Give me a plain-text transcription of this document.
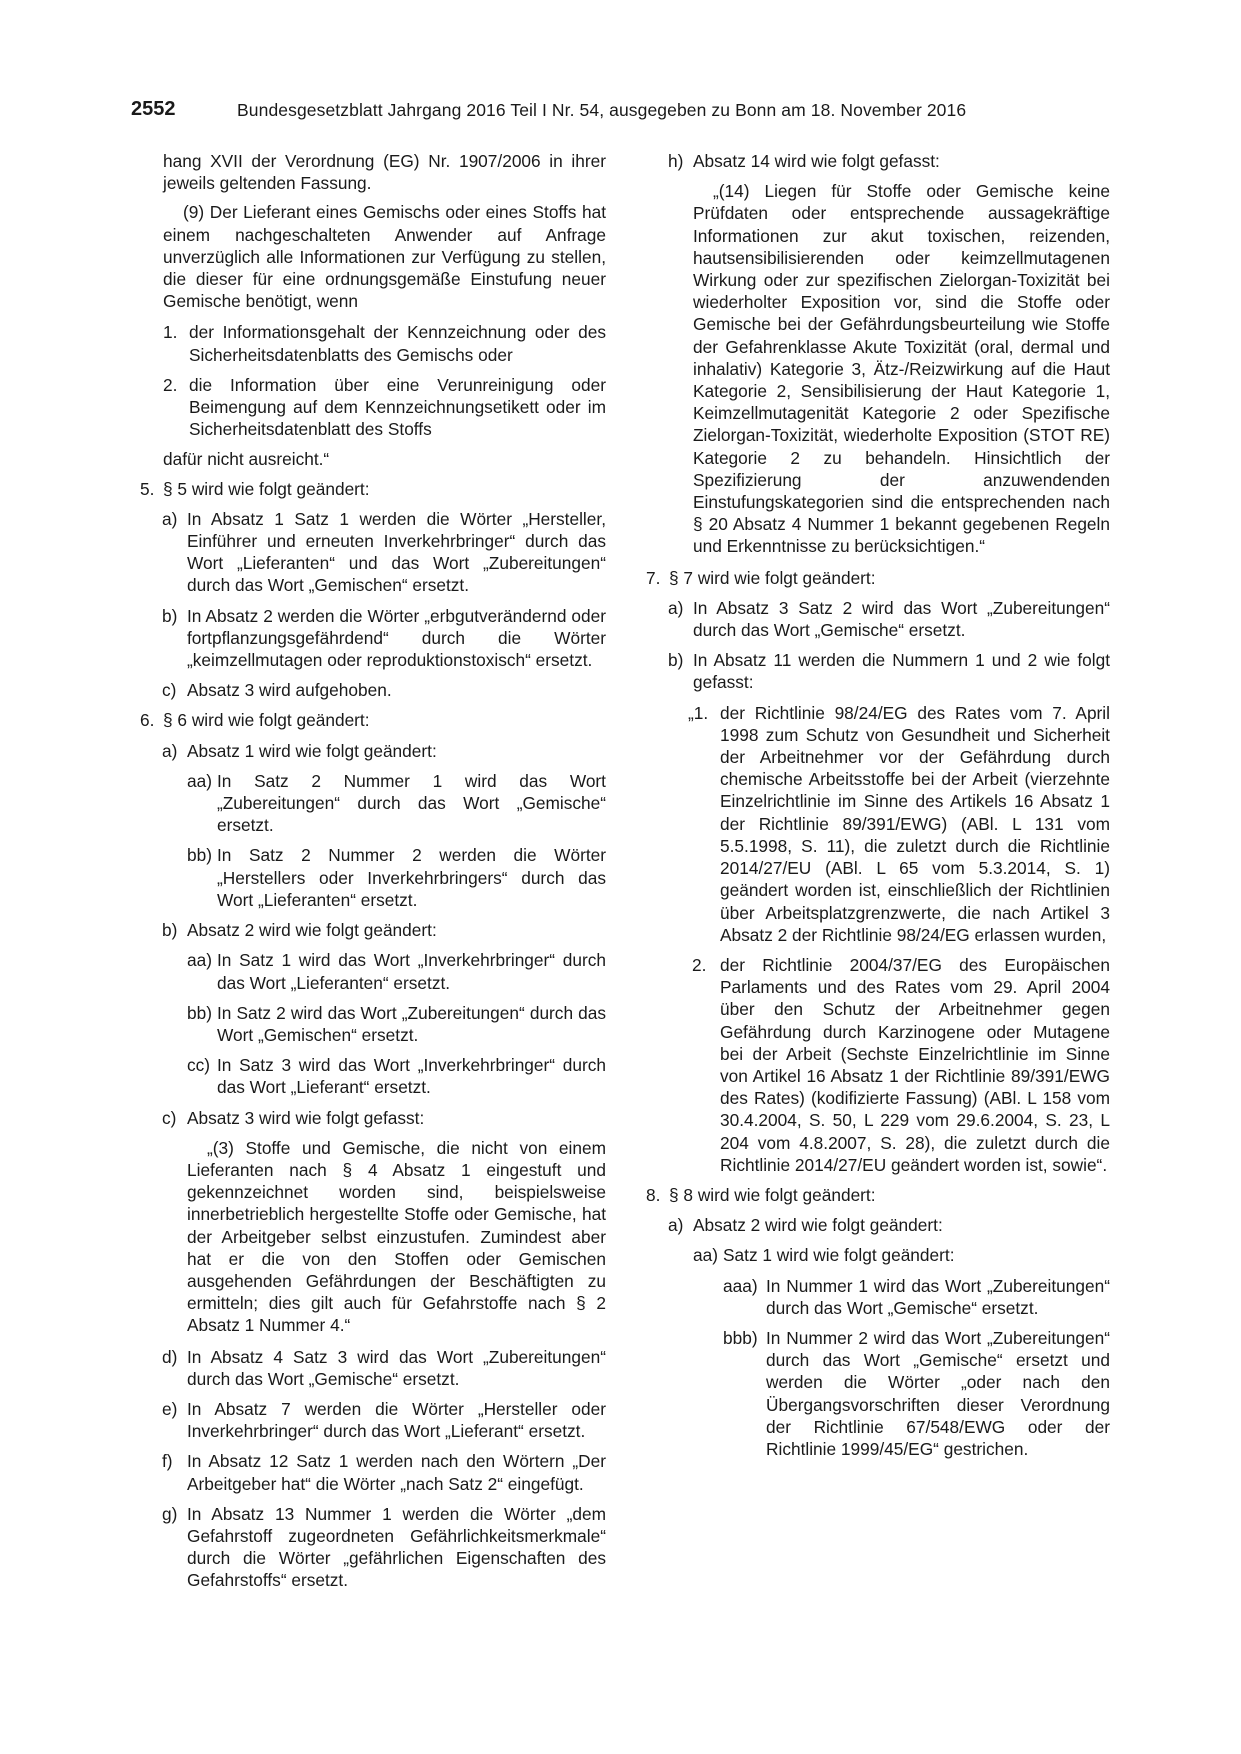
2552	Bundesgesetzblatt Jahrgang 2016 Teil I Nr. 54, ausgegeben zu Bonn am 18. November 2016

hang XVII der Verordnung (EG) Nr. 1907/2006 in ihrer jeweils geltenden Fassung.

(9) Der Lieferant eines Gemischs oder eines Stoffs hat einem nachgeschalteten Anwender auf Anfrage unverzüglich alle Informationen zur Verfügung zu stellen, die dieser für eine ordnungsgemäße Einstufung neuer Gemische benötigt, wenn

1. der Informationsgehalt der Kennzeichnung oder des Sicherheitsdatenblatts des Gemischs oder

2. die Information über eine Verunreinigung oder Beimengung auf dem Kennzeichnungsetikett oder im Sicherheitsdatenblatt des Stoffs

dafür nicht ausreicht.“

5. § 5 wird wie folgt geändert:

a) In Absatz 1 Satz 1 werden die Wörter „Hersteller, Einführer und erneuten Inverkehrbringer“ durch das Wort „Lieferanten“ und das Wort „Zubereitungen“ durch das Wort „Gemischen“ ersetzt.

b) In Absatz 2 werden die Wörter „erbgutverändernd oder fortpflanzungsgefährdend“ durch die Wörter „keimzellmutagen oder reproduktionstoxisch“ ersetzt.

c) Absatz 3 wird aufgehoben.

6. § 6 wird wie folgt geändert:

a) Absatz 1 wird wie folgt geändert:

aa) In Satz 2 Nummer 1 wird das Wort „Zubereitungen“ durch das Wort „Gemische“ ersetzt.

bb) In Satz 2 Nummer 2 werden die Wörter „Herstellers oder Inverkehrbringers“ durch das Wort „Lieferanten“ ersetzt.

b) Absatz 2 wird wie folgt geändert:

aa) In Satz 1 wird das Wort „Inverkehrbringer“ durch das Wort „Lieferanten“ ersetzt.

bb) In Satz 2 wird das Wort „Zubereitungen“ durch das Wort „Gemischen“ ersetzt.

cc) In Satz 3 wird das Wort „Inverkehrbringer“ durch das Wort „Lieferant“ ersetzt.

c) Absatz 3 wird wie folgt gefasst:

„(3) Stoffe und Gemische, die nicht von einem Lieferanten nach § 4 Absatz 1 eingestuft und gekennzeichnet worden sind, beispielsweise innerbetrieblich hergestellte Stoffe oder Gemische, hat der Arbeitgeber selbst einzustufen. Zumindest aber hat er die von den Stoffen oder Gemischen ausgehenden Gefährdungen der Beschäftigten zu ermitteln; dies gilt auch für Gefahrstoffe nach § 2 Absatz 1 Nummer 4.“

d) In Absatz 4 Satz 3 wird das Wort „Zubereitungen“ durch das Wort „Gemische“ ersetzt.

e) In Absatz 7 werden die Wörter „Hersteller oder Inverkehrbringer“ durch das Wort „Lieferant“ ersetzt.

f) In Absatz 12 Satz 1 werden nach den Wörtern „Der Arbeitgeber hat“ die Wörter „nach Satz 2“ eingefügt.

g) In Absatz 13 Nummer 1 werden die Wörter „dem Gefahrstoff zugeordneten Gefährlichkeitsmerkmale“ durch die Wörter „gefährlichen Eigenschaften des Gefahrstoffs“ ersetzt.

h) Absatz 14 wird wie folgt gefasst:

„(14) Liegen für Stoffe oder Gemische keine Prüfdaten oder entsprechende aussagekräftige Informationen zur akut toxischen, reizenden, hautsensibilisierenden oder keimzellmutagenen Wirkung oder zur spezifischen Zielorgan-Toxizität bei wiederholter Exposition vor, sind die Stoffe oder Gemische bei der Gefährdungsbeurteilung wie Stoffe der Gefahrenklasse Akute Toxizität (oral, dermal und inhalativ) Kategorie 3, Ätz-/Reizwirkung auf die Haut Kategorie 2, Sensibilisierung der Haut Kategorie 1, Keimzellmutagenität Kategorie 2 oder Spezifische Zielorgan-Toxizität, wiederholte Exposition (STOT RE) Kategorie 2 zu behandeln. Hinsichtlich der Spezifizierung der anzuwendenden Einstufungskategorien sind die entsprechenden nach § 20 Absatz 4 Nummer 1 bekannt gegebenen Regeln und Erkenntnisse zu berücksichtigen.“

7. § 7 wird wie folgt geändert:

a) In Absatz 3 Satz 2 wird das Wort „Zubereitungen“ durch das Wort „Gemische“ ersetzt.

b) In Absatz 11 werden die Nummern 1 und 2 wie folgt gefasst:

„1. der Richtlinie 98/24/EG des Rates vom 7. April 1998 zum Schutz von Gesundheit und Sicherheit der Arbeitnehmer vor der Gefährdung durch chemische Arbeitsstoffe bei der Arbeit (vierzehnte Einzelrichtlinie im Sinne des Artikels 16 Absatz 1 der Richtlinie 89/391/EWG) (ABl. L 131 vom 5.5.1998, S. 11), die zuletzt durch die Richtlinie 2014/27/EU (ABl. L 65 vom 5.3.2014, S. 1) geändert worden ist, einschließlich der Richtlinien über Arbeitsplatzgrenzwerte, die nach Artikel 3 Absatz 2 der Richtlinie 98/24/EG erlassen wurden,

2. der Richtlinie 2004/37/EG des Europäischen Parlaments und des Rates vom 29. April 2004 über den Schutz der Arbeitnehmer gegen Gefährdung durch Karzinogene oder Mutagene bei der Arbeit (Sechste Einzelrichtlinie im Sinne von Artikel 16 Absatz 1 der Richtlinie 89/391/EWG des Rates) (kodifizierte Fassung) (ABl. L 158 vom 30.4.2004, S. 50, L 229 vom 29.6.2004, S. 23, L 204 vom 4.8.2007, S. 28), die zuletzt durch die Richtlinie 2014/27/EU geändert worden ist, sowie“.

8. § 8 wird wie folgt geändert:

a) Absatz 2 wird wie folgt geändert:

aa) Satz 1 wird wie folgt geändert:

aaa) In Nummer 1 wird das Wort „Zubereitungen“ durch das Wort „Gemische“ ersetzt.

bbb) In Nummer 2 wird das Wort „Zubereitungen“ durch das Wort „Gemische“ ersetzt und werden die Wörter „oder nach den Übergangsvorschriften dieser Verordnung der Richtlinie 67/548/EWG oder der Richtlinie 1999/45/EG“ gestrichen.
